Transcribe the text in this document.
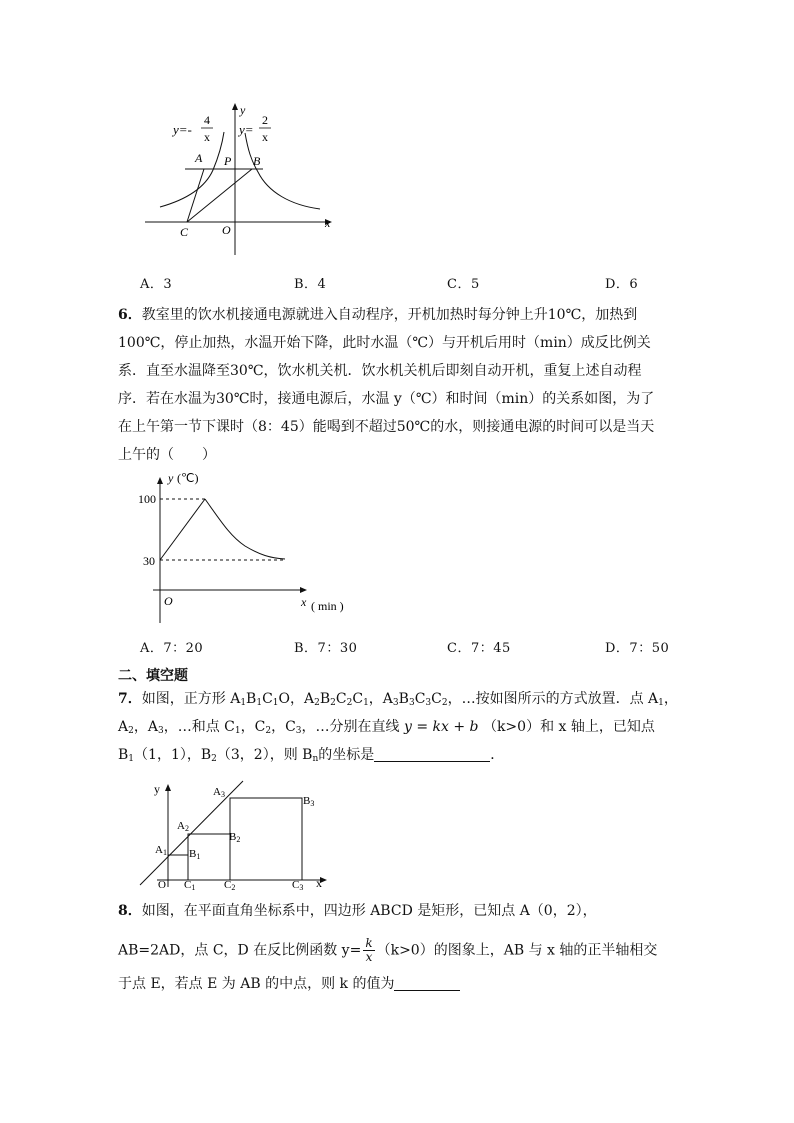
y=-
4
x y=
2
x
y
x
A P B
C	O
A．3	B．4	C．5	D．6
6．教室里的饮水机接通电源就进入自动程序，开机加热时每分钟上升10℃，加热到
100℃，停止加热，水温开始下降，此时水温（℃）与开机后用时（min）成反比例关
系．直至水温降至30℃，饮水机关机．饮水机关机后即刻自动开机，重复上述自动程
序．若在水温为30℃时，接通电源后，水温 y（℃）和时间（min）的关系如图，为了
在上午第一节下课时（8：45）能喝到不超过50℃的水，则接通电源的时间可以是当天
上午的（　　）
y (℃)
100
30
O	x ( min )
A．7：20	B．7：30	C．7：45	D．7：50
二、填空题
7．如图，正方形 $A_1B_1C_1O$，$A_2B_2C_2C_1$，$A_3B_3C_3C_2$，…按如图所示的方式放置．点 $A_1$，
$A_2$，$A_3$，…和点 $C_1$，$C_2$，$C_3$，…分别在直线 y = kx + b （k>0）和 x 轴上，已知点
$B_1(1$，1），$B_2(3$，2），则 $B_n$的坐标是	．
y
x
O
A1
A2
A3
B1
B2
B3
C1	C2	C3
8．如图，在平面直角坐标系中，四边形 ABCD 是矩形，已知点 A（0，2），
AB=2AD，点 C，D 在反比例函数 $y= \frac{k}{x} (k>0)$的图象上，AB 与 x 轴的正半轴相交
于点 E，若点 E 为 AB 的中点，则 k 的值为
